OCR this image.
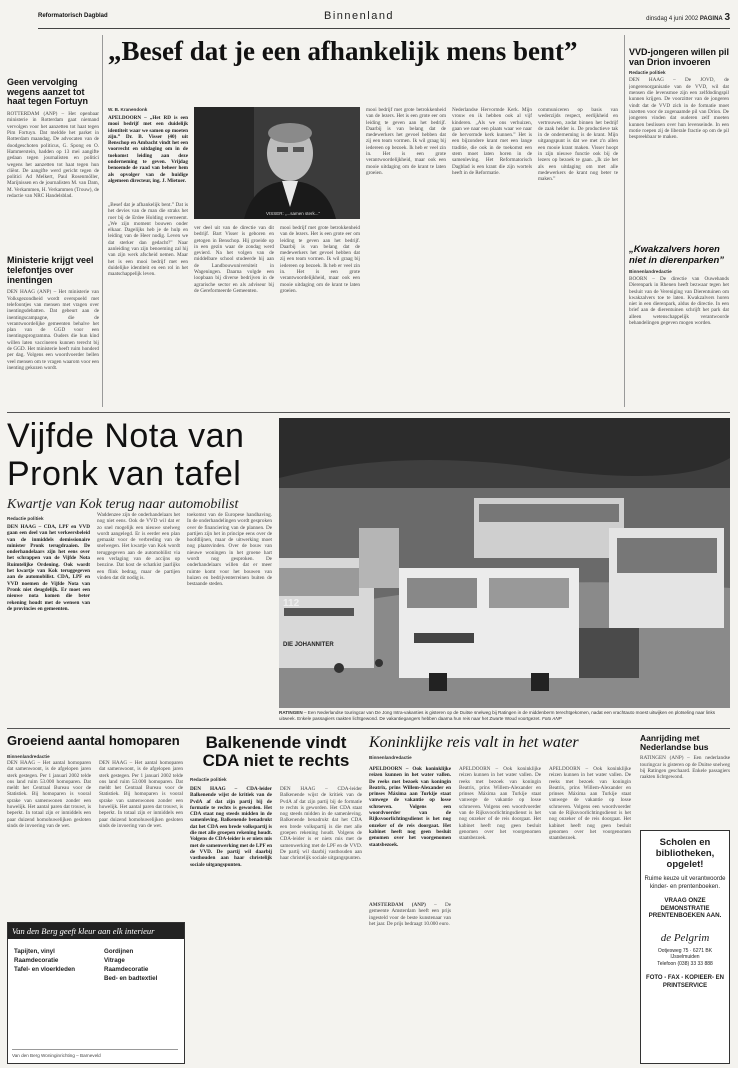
Reformatorisch Dagblad	Binnenland	dinsdag 4 juni 2002 PAGINA 3
Geen vervolging wegens aanzet tot haat tegen Fortuyn
ROTTERDAM (ANP) – Het openbaar ministerie in Rotterdam gaat niemand vervolgen voor het aanzetten tot haat tegen Pim Fortuyn. Dat meldde het parket in Rotterdam maandag. De advocaten van de doodgeschoten politicus, G. Spong en O. Hammerstein, hadden op 13 mei aangifte gedaan tegen journalisten en politici wegens het aanzetten tot haat tegen hun cliënt. De aangifte werd gericht tegen de politici Ad Melkert, Paul Rosenmöller, Marijnissen en de journalisten M. van Dam, M. Verkammen, H. Verkammen (Trouw), de redactie van NRC Handelsblad.
Ministerie krijgt veel telefontjes over inentingen
DEN HAAG (ANP) – Het ministerie van Volksgezondheid wordt overspoeld met telefoontjes van mensen met vragen over inentingsdebatten. Dat gebeurt aan de inentingscampagne, die de verantwoordelijke gemeenten behalve het plan van de GGD voor een inentingsprogramma. Ouders die hun kind willen laten vaccineren kunnen terecht bij de GGD. Het ministerie heeft ruim honderd per dag. Volgens een woordvoerder bellen veel mensen om te vragen waarom voor een inenting gekozen wordt.
„Besef dat je een afhankelijk mens bent”
W. B. Kranendonk
APELDOORN – „Het RD is een mooi bedrijf met een duidelijk identiteit waar we samen op moeten zijn.” Dr. B. Visser (40) uit Benschop en Ambacht vindt het een voorrecht en uitdaging om in de toekomst leiding aan deze onderneming te geven. Vrijdag benoemde de raad van beheer hem als opvolger van de huidige algemeen directeur, ing. J. Mietuer.
„Besef dat je afhankelijk bent.” Dat is het devies van de man die straks het roer bij de Erdee Holding overneemt. „We zijn moment bouwen onder elkaar. Dagelijks heb je de hulp en leiding van de Heer nodig. Leven we dat sterker dan gedacht?” Naar aanleiding van zijn benoeming zal hij van zijn werk afscheid nemen. Maar het is een mooi bedrijf met een duidelijke identiteit en een rol in het maatschappelijk leven.
VISSER: „...samen sterk...”
ver deel uit van de directie van dit bedrijf. Bart Visser is geboren en getogen in Benschop. Hij groeide op in een gezin waar de zondag werd gevierd. Na het volgen van de middelbare school studeerde hij aan de Landbouwuniversiteit in Wageningen. Daarna volgde een loopbaan bij diverse bedrijven in de agrarische sector en als adviseur bij de Gereformeerde Gemeenten.
mooi bedrijf met grote betrokkenheid van de lezers. Het is een grote eer om leiding te geven aan het bedrijf. Daarbij is van belang dat de medewerkers het gevoel hebben dat zij een team vormen. Ik wil graag bij iedereen op bezoek. Ik heb er veel zin in. Het is een grote verantwoordelijkheid, maar ook een mooie uitdaging om de krant te laten groeien.
mooi bedrijf met grote betrokkenheid van de lezers. Het is een grote eer om leiding te geven aan het bedrijf. Daarbij is van belang dat de medewerkers het gevoel hebben dat zij een team vormen. Ik wil graag bij iedereen op bezoek. Ik heb er veel zin in. Het is een grote verantwoordelijkheid, maar ook een mooie uitdaging om de krant te laten groeien.
Nederlandse Hervormde Kerk. Mijn vrouw en ik hebben ook al vijf kinderen. „Als we ons verhuizen, gaan we naar een plaats waar we naar de hervormde kerk kunnen.” Het is een bijzondere krant met een lange traditie, die ook in de toekomst een stem moet laten horen in de samenleving. Het Reformatorisch Dagblad is een krant die zijn wortels heeft in de Reformatie.
communiceren op basis van wederzijds respect, eerlijkheid en vertrouwen, zodat binnen het bedrijf de zaak helder is. De productieve tak in de onderneming is de krant. Mijn uitgangspunt is dat we met z'n allen een mooie krant maken. Visser hoopt in zijn nieuwe functie ook bij de lezers op bezoek te gaan. „Ik zie het als een uitdaging om met alle medewerkers de krant nog beter te maken.”
VVD-jongeren willen pil van Drion invoeren
Redactie politiek
DEN HAAG – De JOVD, de jongerenorganisatie van de VVD, wil dat mensen die levensmoe zijn een zelfdodingspil kunnen krijgen. De voorzitter van de jongeren vindt dat de VVD zich in de formatie moet inzetten voor de zogenaamde pil van Drion. De jongeren vinden dat ouderen zelf moeten kunnen beslissen over hun levenseinde. In een motie roepen zij de liberale fractie op om de pil bespreekbaar te maken.
„Kwakzalvers horen niet in dierenparken”
Binnenlandredactie
BOORN – De directie van Ouwehands Dierenpark in Rhenen heeft bezwaar tegen het besluit van de Vereniging van Dierentuinen om kwakzalvers toe te laten. Kwakzalvers horen niet in een dierenpark, aldus de directie. In een brief aan de dierentuinen schrijft het park dat alleen wetenschappelijk verantwoorde behandelingen gegeven mogen worden.
Vijfde Nota van
Pronk van tafel
Kwartje van Kok terug naar automobilist
Redactie politiek
DEN HAAG – CDA, LPF en VVD gaan een deel van het verkeersbeleid van de inmiddels demissionaire minister Pronk terugdraaien. De onderhandelaars zijn het eens over het schrappen van de Vijfde Nota Ruimtelijke Ordening. Ook wordt het kwartje van Kok teruggegeven aan de automobilist. CDA, LPF en VVD noemen de Vijfde Nota van Pronk niet deugdelijk. Er moet een nieuwe nota komen die beter rekening houdt met de wensen van de provincies en gemeenten.
Waddenzee zijn de onderhandelaars het nog niet eens. Ook de VVD wil dat er zo snel mogelijk een nieuwe snelweg wordt aangelegd. Er is eerder een plan gemaakt voor de verbreding van de snelwegen. Het kwartje van Kok wordt teruggegeven aan de automobilist via een verlaging van de accijns op benzine. Dat kost de schatkist jaarlijks een flink bedrag, maar de partijen vinden dat dit nodig is.
toekomst van de Europese handhaving. In de onderhandelingen wordt gesproken over de financiering van de plannen. De partijen zijn het in principe eens over de hoofdlijnen, maar de uitwerking moet nog plaatsvinden. Over de bouw van nieuwe woningen in het groene hart wordt nog gesproken. De onderhandelaars willen dat er meer ruimte komt voor het bouwen van huizen en bedrijventerreinen buiten de bestaande steden.
DIE JOHANNITER
112
RATINGEN – Een Nederlandse touringcar van De Jong Intra-vakanties is gisteren op de Duitse snelweg bij Ratingen in de middenberm terechtgekomen, nadat een vrachtauto moest uitwijken en plotseling naar links uitweek. Enkele passagiers raakten lichtgewond. De vakantiegangers hebben daarna hun reis naar het Zwarte Woud voortgezet. Foto ANP
Groeiend aantal homoparen
Binnenlandredactie
DEN HAAG – Het aantal homoparen dat samenwoont, is de afgelopen jaren sterk gestegen. Per 1 januari 2002 telde ons land ruim 53.000 homoparen. Dat meldt het Centraal Bureau voor de Statistiek. Bij homoparen is vooral sprake van samenwonen zonder een huwelijk. Het aantal paren dat trouwt, is beperkt. In totaal zijn er inmiddels een paar duizend homohuwelijken gesloten sinds de invoering van de wet.
DEN HAAG – Het aantal homoparen dat samenwoont, is de afgelopen jaren sterk gestegen. Per 1 januari 2002 telde ons land ruim 53.000 homoparen. Dat meldt het Centraal Bureau voor de Statistiek. Bij homoparen is vooral sprake van samenwonen zonder een huwelijk. Het aantal paren dat trouwt, is beperkt. In totaal zijn er inmiddels een paar duizend homohuwelijken gesloten sinds de invoering van de wet.
Van den Berg geeft kleur aan elk interieur
Tapijten, vinyl
Raamdecoratie
Tafel- en vloerkleden
Gordijnen
Vitrage
Raamdecoratie
Bed- en badtextiel
Van den Berg Woninginrichting – Barneveld
Balkenende vindt CDA niet te rechts
Redactie politiek
DEN HAAG – CDA-leider Balkenende wijst de kritiek van de PvdA af dat zijn partij bij de formatie te rechts is geworden. Het CDA staat nog steeds midden in de samenleving. Balkenende benadrukt dat het CDA een brede volkspartij is die met alle groepen rekening houdt. Volgens de CDA-leider is er niets mis met de samenwerking met de LPF en de VVD. De partij wil daarbij vasthouden aan haar christelijk sociale uitgangspunten.
DEN HAAG – CDA-leider Balkenende wijst de kritiek van de PvdA af dat zijn partij bij de formatie te rechts is geworden. Het CDA staat nog steeds midden in de samenleving. Balkenende benadrukt dat het CDA een brede volkspartij is die met alle groepen rekening houdt. Volgens de CDA-leider is er niets mis met de samenwerking met de LPF en de VVD. De partij wil daarbij vasthouden aan haar christelijk sociale uitgangspunten.
Koninklijke reis valt in het water
Binnenlandredactie
APELDOORN – Ook koninklijke reizen kunnen in het water vallen. De reeks met bezoek van koningin Beatrix, prins Willem-Alexander en prinses Máxima aan Turkije staat vanwege de vakantie op losse schroeven. Volgens een woordvoerder van de Rijksvoorlichtingsdienst is het nog onzeker of de reis doorgaat. Het kabinet heeft nog geen besluit genomen over het voorgenomen staatsbezoek.
AMSTERDAM (ANP) – De gemeente Amsterdam heeft een prijs ingesteld voor de beste kunstenaar van het jaar. De prijs bedraagt 10.000 euro.
APELDOORN – Ook koninklijke reizen kunnen in het water vallen. De reeks met bezoek van koningin Beatrix, prins Willem-Alexander en prinses Máxima aan Turkije staat vanwege de vakantie op losse schroeven. Volgens een woordvoerder van de Rijksvoorlichtingsdienst is het nog onzeker of de reis doorgaat. Het kabinet heeft nog geen besluit genomen over het voorgenomen staatsbezoek.
APELDOORN – Ook koninklijke reizen kunnen in het water vallen. De reeks met bezoek van koningin Beatrix, prins Willem-Alexander en prinses Máxima aan Turkije staat vanwege de vakantie op losse schroeven. Volgens een woordvoerder van de Rijksvoorlichtingsdienst is het nog onzeker of de reis doorgaat. Het kabinet heeft nog geen besluit genomen over het voorgenomen staatsbezoek.
Aanrijding met Nederlandse bus
RATINGEN (ANP) – Een nederlandse touringcar is gisteren op de Duitse snelweg bij Ratingen geschaard. Enkele passagiers raakten lichtgewond.
Scholen en bibliotheken, opgelet!
Ruime keuze uit verantwoorde kinder- en prentenboeken.
VRAAG ONZE DEMONSTRATIE PRENTENBOEKEN AAN.
de Pelgrim
Ootjesweg 75 · 6271 BK IJsselmuiden
Telefoon (038) 33 33 888
FOTO - FAX - KOPIEER- EN PRINTSERVICE
